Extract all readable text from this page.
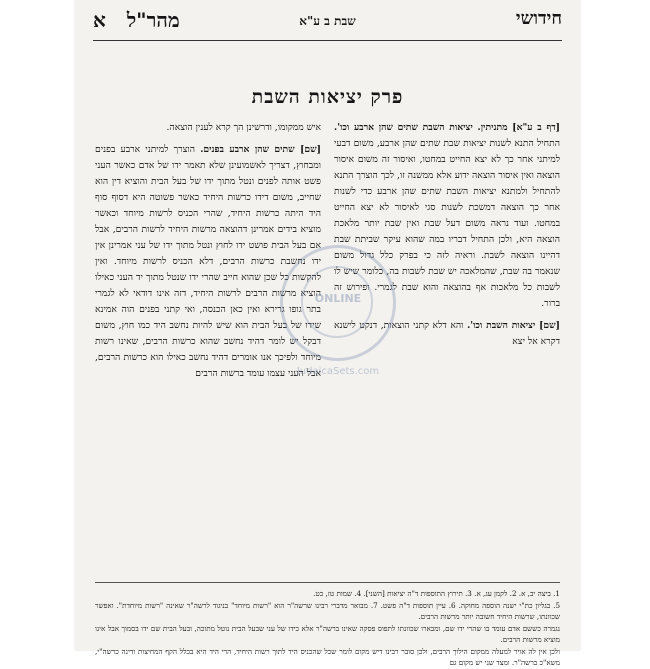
חידושי
שבת ב ע"א
מהר"ל א
פרק יציאות השבת

[דף ב ע"א] מתניתין. יציאות השבת שתים שהן ארבע וכו'. התחיל התנא לשנות יציאות שבת שתים שהן ארבע, משום דבעי למיתני אחר כך לא יצא החייט במחטו, ואיסור זה משום איסור הוצאה ואין איסור הוצאה ידוע אלא ממשנה זו, לכך הוצרך התנא להתחיל ולמתנא יציאות השבת שתים שהן ארבע כדי לשנות אחר כך הוצאה דמשכת לשנות סגי לאיסור לא יצא החייט במחטו. ועוד נראה משום דעל שבת ואין שבת יותר מלאכת הוצאה היא, ולכן התחיל דבריו במה שהוא עיקר שביתת שבת דהיינו הוצאה לשבת. וראיה לזה כי בפרק כלל גדול משום שנאמר בה שבת, שהמלאכה יש שבת לשבות בה, כלומר שיש לו לשבות כל מלאכות אף בהוצאה והוא שבת לגמרי. ופירוש זה ברור.

[שם] יציאות השבת וכו'. והא דלא קתני הוצאות, דנקט לישנא דקרא אל יצא

איש ממקומו, ודרשינן הך קרא לענין הוצאה.

[שם] שתים שהן ארבע בפנים. הוצרך למיתני ארבע בפנים ומבחוץ, דצריך לאשמועינן שלא תאמר ידו של אדם כאשר העני פשט אותה לפנים ונטל מתוך ידו של בעל הבית והוציא דין הוא שחייב, משום דידו כרשות היחיד כאשר פשוטה היא דסוף סוף היד היתה כרשות היחיד, שהרי הכניס לרשות מיוחד וכאשר מוציא בידים אמרינן דהוצאה מרשות היחיד לרשות הרבים, אבל אם בעל הבית פושט ידו לחוץ ונטל מתוך ידו של עני אמרינן אין ידו נחשבת כרשות הרבים, דלא הכניס לרשות מיוחד. ואין להקשות כל שכן שהוא חייב שהרי ידו שנטל מתוך יד העני כאילו הוציא מרשות הרבים לרשות היחיד, דזה אינו דודאי לא לגמרי בתר גופו גרירא ואין כאן הכנסה, ואי קתני בפנים הוה אמינא שידו של בעל הבית הוא שיש להיות נחשב היד כמו חוץ, משום דבקל יש לומר דהיד נחשב שהוא כרשות הרבים, שאינו רשות מיוחד ולפיכך אנו אומרים דהיד נחשב כאילו הוא כרשות הרבים, אבל העני עצמו עומד ברשות הרבים

ONLINE
JudaicaSets.com

1. ביצה יב, א. 2. לקמן עג, א. 3. תירוץ התוספות ד"ה יציאות [השני]. 4. שמות טז, כט.

5. בגליון כת"י ישנה הוספה מחוקה. 6. עיין תוספות ד"ה פשט. 7. מבואר מדברי רבינו שרשה"ר הוא "רשות מיוחד" בניגוד לרשה"ר שאינה "רשות מיוחדת". ואפשר שכוונתו, שרשות היחיד חשובה יותר מרשות הרבים.

נגמרה כששם אדם עומד בו שהרי ידו שם, ומבארו שכוונתו לתפוס פסקה שאינו ברשה"ר אלא כידו של עני שבעל הבית נוטל מתוכה, ובעל הבית שם ידו בסמוך אבל אינו מוציא מרשות הרבים.

ולכן אין לה אויר למעלה ממקום הילוך הרבים, ולכן סובר רבינו דיש מקום לומר שכל שהכניס היד לתוך רשות היחיד, הרי היד היא בכלל הקף המחיצות ודינה כרשה"י, משא"כ ברשה"ר. ומצד שני יש מקום גם
